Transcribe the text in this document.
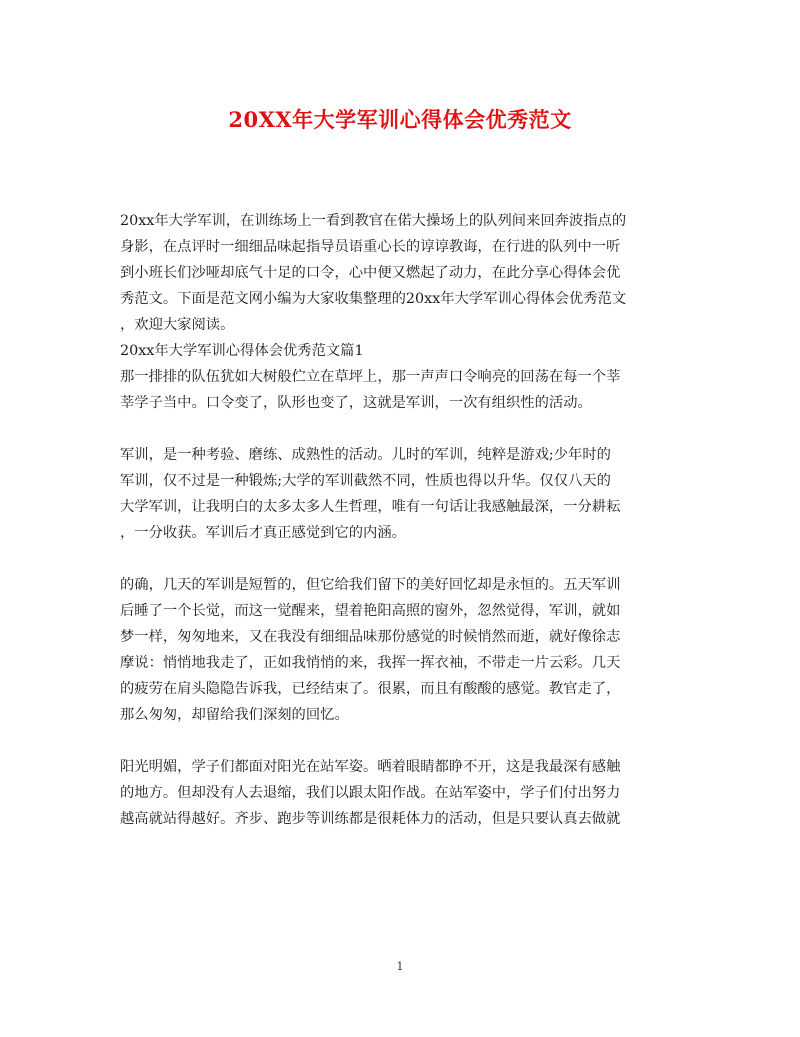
20XX年大学军训心得体会优秀范文
20xx年大学军训，在训练场上一看到教官在偌大操场上的队列间来回奔波指点的
身影，在点评时一细细品味起指导员语重心长的谆谆教诲，在行进的队列中一听
到小班长们沙哑却底气十足的口令，心中便又燃起了动力，在此分享心得体会优
秀范文。下面是范文网小编为大家收集整理的20xx年大学军训心得体会优秀范文
，欢迎大家阅读。
20xx年大学军训心得体会优秀范文篇1
那一排排的队伍犹如大树般伫立在草坪上，那一声声口令响亮的回荡在每一个莘
莘学子当中。口令变了，队形也变了，这就是军训，一次有组织性的活动。
军训，是一种考验、磨练、成熟性的活动。儿时的军训，纯粹是游戏;少年时的
军训，仅不过是一种锻炼;大学的军训截然不同，性质也得以升华。仅仅八天的
大学军训，让我明白的太多太多人生哲理，唯有一句话让我感触最深，一分耕耘
，一分收获。军训后才真正感觉到它的内涵。
的确，几天的军训是短暂的，但它给我们留下的美好回忆却是永恒的。五天军训
后睡了一个长觉，而这一觉醒来，望着艳阳高照的窗外，忽然觉得，军训，就如
梦一样，匆匆地来，又在我没有细细品味那份感觉的时候悄然而逝，就好像徐志
摩说：悄悄地我走了，正如我悄悄的来，我挥一挥衣袖，不带走一片云彩。几天
的疲劳在肩头隐隐告诉我，已经结束了。很累，而且有酸酸的感觉。教官走了，
那么匆匆，却留给我们深刻的回忆。
阳光明媚，学子们都面对阳光在站军姿。晒着眼睛都睁不开，这是我最深有感触
的地方。但却没有人去退缩，我们以跟太阳作战。在站军姿中，学子们付出努力
越高就站得越好。齐步、跑步等训练都是很耗体力的活动，但是只要认真去做就
1
